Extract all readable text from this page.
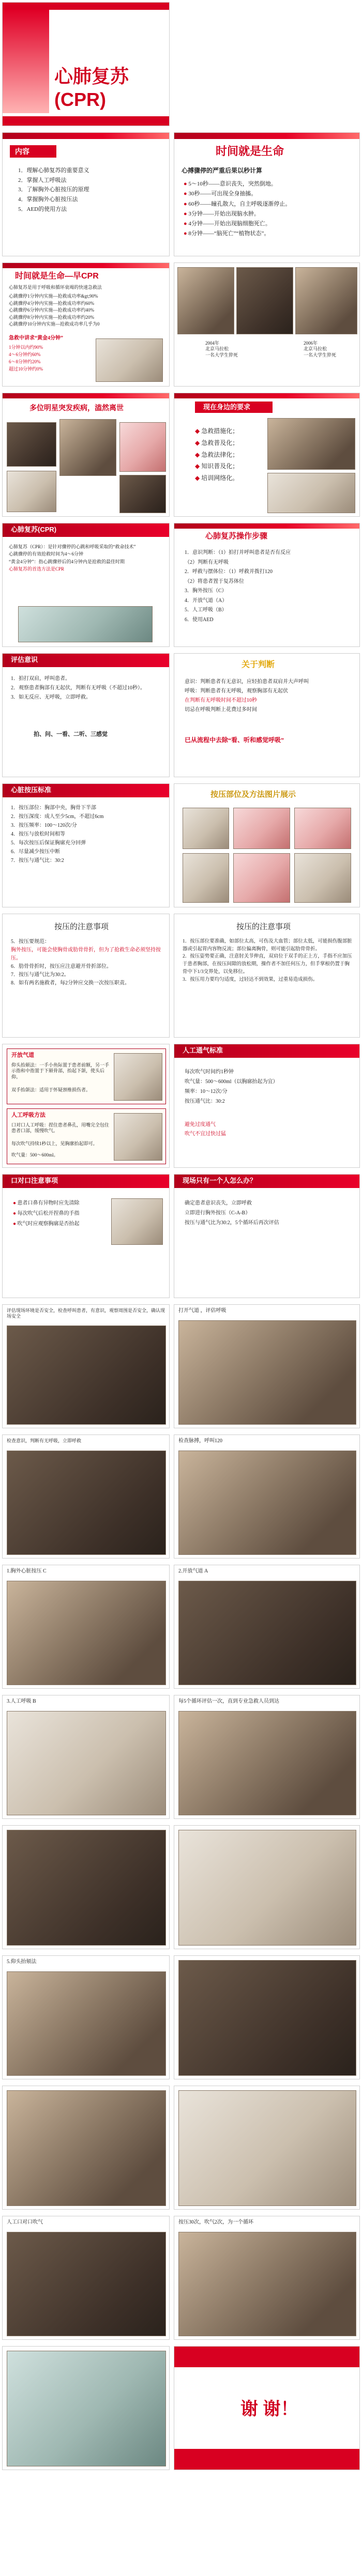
心肺复苏(CPR)
内容
1．理解心肺复苏的重要意义
2．掌握人工呼吸法
3．了解胸外心脏按压的原理
4．掌握胸外心脏按压法
5．AED的使用方法
时间就是生命
心搏骤停的严重后果以秒计算
● 5～10秒——意识丧失，突然倒地。
● 30秒——可出现全身抽搐。
● 60秒——瞳孔散大，自主呼吸逐渐停止。
● 3分钟——开始出现脑水肿。
● 4分钟——开始出现脑细胞死亡。
● 8分钟——“脑死亡”“植物状态”。
时间就是生命—早CPR
心肺复苏是用于呼吸和循环衰竭的快速急救法
心跳骤停1分钟内实施—抢救成功率&gt;90%
心跳骤停4分钟内实施—抢救成功率约60%
心跳骤停6分钟内实施—抢救成功率约40%
心跳骤停8分钟内实施—抢救成功率约20%
心跳骤停10分钟内实施—抢救成功率几乎为0
急救中讲求“黄金4分钟”
1分钟以内约90%
4～6分钟约60%
6～8分钟约20%
超过10分钟约0%
2004年
北京马拉松
一名大学生猝死
2006年
北京马拉松
一名大学生猝死
多位明星突发疾病，溘然离世	现在身边的要求
◆ 急救措施化；
◆ 急救普及化；
◆ 急救法律化；
◆ 知识普及化；
◆ 培训网络化。
心肺复苏(CPR)
心肺复苏（CPR）：是针对骤停的心跳和呼吸采取的“救命技术”
心跳骤停的有效抢救时间为4～6分钟
“黄金4分钟”：指心跳骤停后的4分钟内是抢救的最佳时期
心肺复苏的首选方法是CPR
心肺复苏操作步骤
1．意识判断：（1）拍打并呼叫患者是否有反应
（2）判断有无呼吸
2．呼救与摆体位：（1）呼救并拨打120
（2）将患者置于复苏体位
3．胸外按压（C）
4．开放气道（A）
5．人工呼吸（B）
6．使用AED
评估意识
1．拍打双肩，呼叫患者。
2．观察患者胸部有无起伏，判断有无呼吸（不超过10秒）。
3．如无反应、无呼吸，立即呼救。
拍、问、一看、二听、三感觉
关于判断
意识：判断患者有无意识，应轻拍患者双肩并大声呼叫
呼吸：判断患者有无呼吸，观察胸部有无起伏
在判断有无呼吸时间不超过10秒
切忌在呼吸判断上花费过多时间
已从流程中去除“看、听和感觉呼吸”
心脏按压标准
1．按压部位：胸部中央，胸骨下半部
2．按压深度：成人至少5cm，不超过6cm
3．按压频率：100～120次/分
4．按压与放松时间相等
5．每次按压后保证胸廓充分回弹
6．尽量减少按压中断
7．按压与通气比：30:2
按压部位及方法图片展示
按压的注意事项
5．按压要规范：
胸外按压，可能会使胸骨或肋骨骨折，但为了抢救生命必须坚持按压。
6．肋骨骨折时，按压应注意避开骨折部位。
7．按压与通气比为30:2。
8．如有两名施救者，每2分钟应交换一次按压职责。
按压的注意事项
1．按压部位要准确，如部位太高，可伤及大血管；部位太低，可能损伤腹部脏器或引起胃内容物反流；部位偏离胸骨，则可能引起肋骨骨折。
2．按压姿势要正确，注意肘关节伸直，双肩位于双手的正上方，手指不应加压于患者胸部，在按压间隙的放松期，操作者不加任何压力，但手掌根仍置于胸骨中下1/3交界处，以免移位。
3．按压用力要均匀适度，过轻达不到效果，过重易造成损伤。
开放气道
仰头抬颏法：一手小鱼际置于患者前额，另一手示指和中指置于下颏骨部，抬起下颌，使头后仰。
双手抬颌法：适用于怀疑颈椎损伤者。
人工呼吸方法
口对口人工呼吸：捏住患者鼻孔，用嘴完全包住患者口部，缓慢吹气。
每次吹气持续1秒以上，见胸廓抬起即可。
吹气量：500～600ml。
人工通气标准
每次吹气时间约1秒钟
吹气量：500～600ml（以胸廓抬起为宜）
频率：10～12次/分
按压通气比：30:2
避免过度通气
吹气不宜过快过猛
口对口注意事项
● 患者口鼻有异物时应先清除
● 每次吹气后松开捏鼻的手指
● 吹气时应观察胸廓是否抬起
现场只有一个人怎么办？
确定患者意识丧失，立即呼救
立即进行胸外按压（C-A-B）
按压与通气比为30:2，5个循环后再次评估
评估现场环境是否安全，检查呼叫患者，有意识，观察周围是否安全，确认现场安全
打开气道 ，评估呼吸
检查意识，判断有无呼吸，立即呼救	检查脉搏，呼叫120
1.胸外心脏按压 C	2.开放气道 A
3.人工呼吸 B	每5个循环评估一次，直到专业急救人员到达
5.仰头抬颏法
人工口对口吹气	按压30次，吹气2次，为一个循环
谢 谢！
